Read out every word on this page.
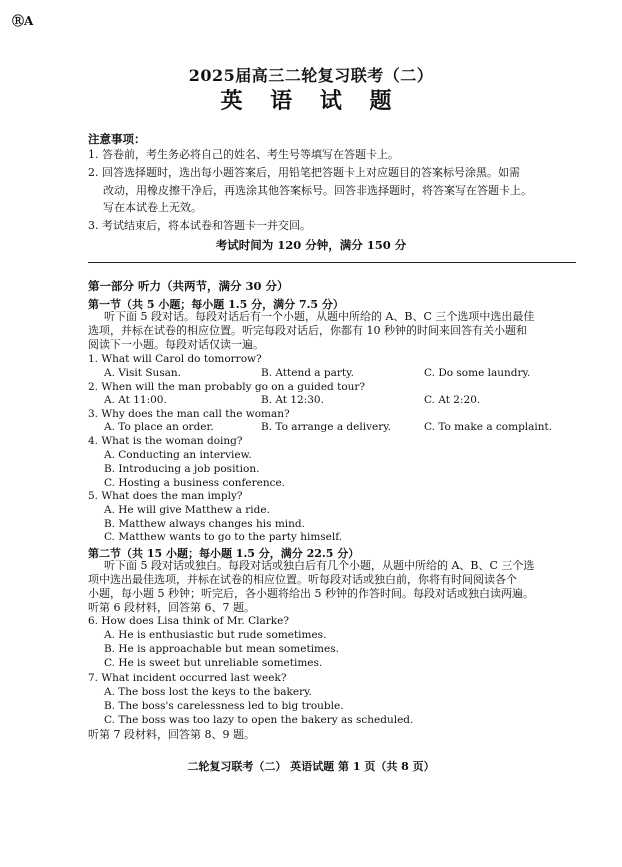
ⓇA
2025届高三二轮复习联考（二）
英 语 试 题
注意事项：
1. 答卷前，考生务必将自己的姓名、考生号等填写在答题卡上。
2. 回答选择题时，选出每小题答案后，用铅笔把答题卡上对应题目的答案标号涂黑。如需
改动，用橡皮擦干净后，再选涂其他答案标号。回答非选择题时，将答案写在答题卡上。
写在本试卷上无效。
3. 考试结束后，将本试卷和答题卡一并交回。
考试时间为 120 分钟，满分 150 分
第一部分 听力（共两节，满分 30 分）
第一节（共 5 小题；每小题 1.5 分，满分 7.5 分）
听下面 5 段对话。每段对话后有一个小题，从题中所给的 A、B、C 三个选项中选出最佳
选项，并标在试卷的相应位置。听完每段对话后，你都有 10 秒钟的时间来回答有关小题和
阅读下一小题。每段对话仅读一遍。
1. What will Carol do tomorrow?
A. Visit Susan.	B. Attend a party.	C. Do some laundry.
2. When will the man probably go on a guided tour?
A. At 11:00.	B. At 12:30.	C. At 2:20.
3. Why does the man call the woman?
A. To place an order.	B. To arrange a delivery.	C. To make a complaint.
4. What is the woman doing?
A. Conducting an interview.
B. Introducing a job position.
C. Hosting a business conference.
5. What does the man imply?
A. He will give Matthew a ride.
B. Matthew always changes his mind.
C. Matthew wants to go to the party himself.
第二节（共 15 小题；每小题 1.5 分，满分 22.5 分）
听下面 5 段对话或独白。每段对话或独白后有几个小题，从题中所给的 A、B、C 三个选
项中选出最佳选项，并标在试卷的相应位置。听每段对话或独白前，你将有时间阅读各个
小题，每小题 5 秒钟；听完后，各小题将给出 5 秒钟的作答时间。每段对话或独白读两遍。
听第 6 段材料，回答第 6、7 题。
6. How does Lisa think of Mr. Clarke?
A. He is enthusiastic but rude sometimes.
B. He is approachable but mean sometimes.
C. He is sweet but unreliable sometimes.
7. What incident occurred last week?
A. The boss lost the keys to the bakery.
B. The boss's carelessness led to big trouble.
C. The boss was too lazy to open the bakery as scheduled.
听第 7 段材料，回答第 8、9 题。
二轮复习联考（二） 英语试题 第 1 页（共 8 页）
